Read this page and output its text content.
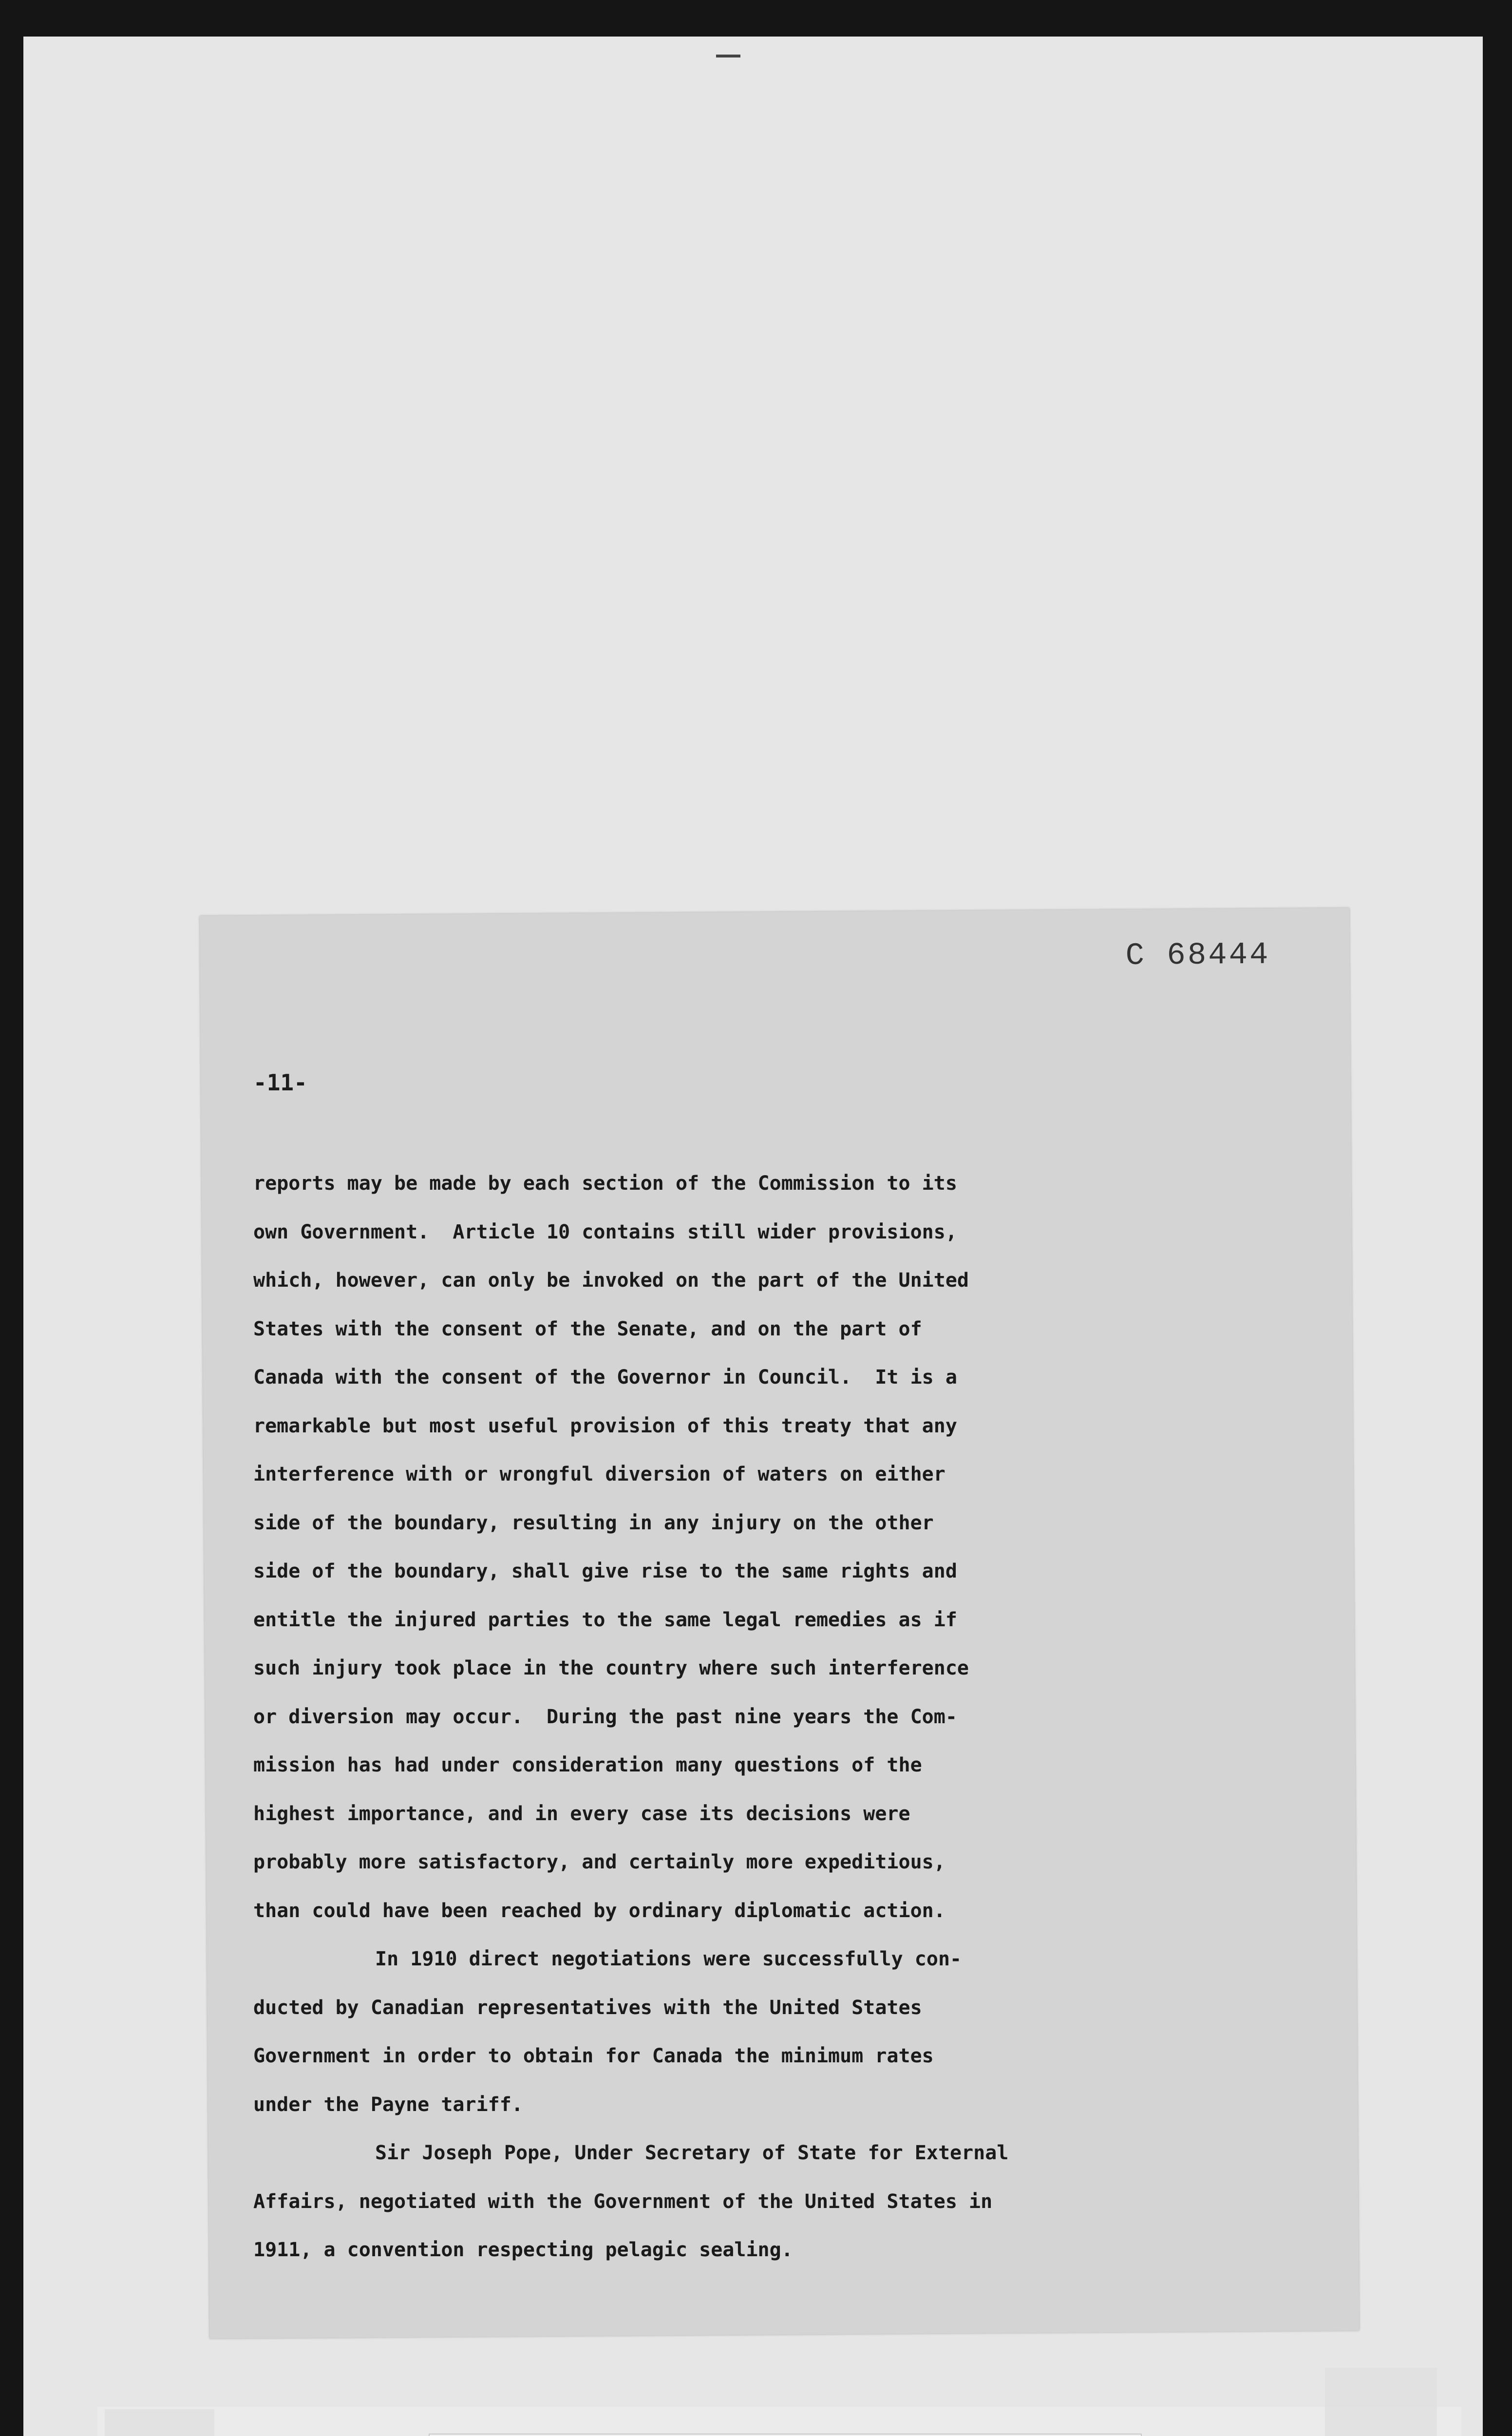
C 68444
-11-
reports may be made by each section of the Commission to its
own Government.  Article 10 contains still wider provisions,
which, however, can only be invoked on the part of the United
States with the consent of the Senate, and on the part of
Canada with the consent of the Governor in Council.  It is a
remarkable but most useful provision of this treaty that any
interference with or wrongful diversion of waters on either
side of the boundary, resulting in any injury on the other
side of the boundary, shall give rise to the same rights and
entitle the injured parties to the same legal remedies as if
such injury took place in the country where such interference
or diversion may occur.  During the past nine years the Com-
mission has had under consideration many questions of the
highest importance, and in every case its decisions were
probably more satisfactory, and certainly more expeditious,
than could have been reached by ordinary diplomatic action.
In 1910 direct negotiations were successfully con-
ducted by Canadian representatives with the United States
Government in order to obtain for Canada the minimum rates
under the Payne tariff.
Sir Joseph Pope, Under Secretary of State for External
Affairs, negotiated with the Government of the United States in
1911, a convention respecting pelagic sealing.
